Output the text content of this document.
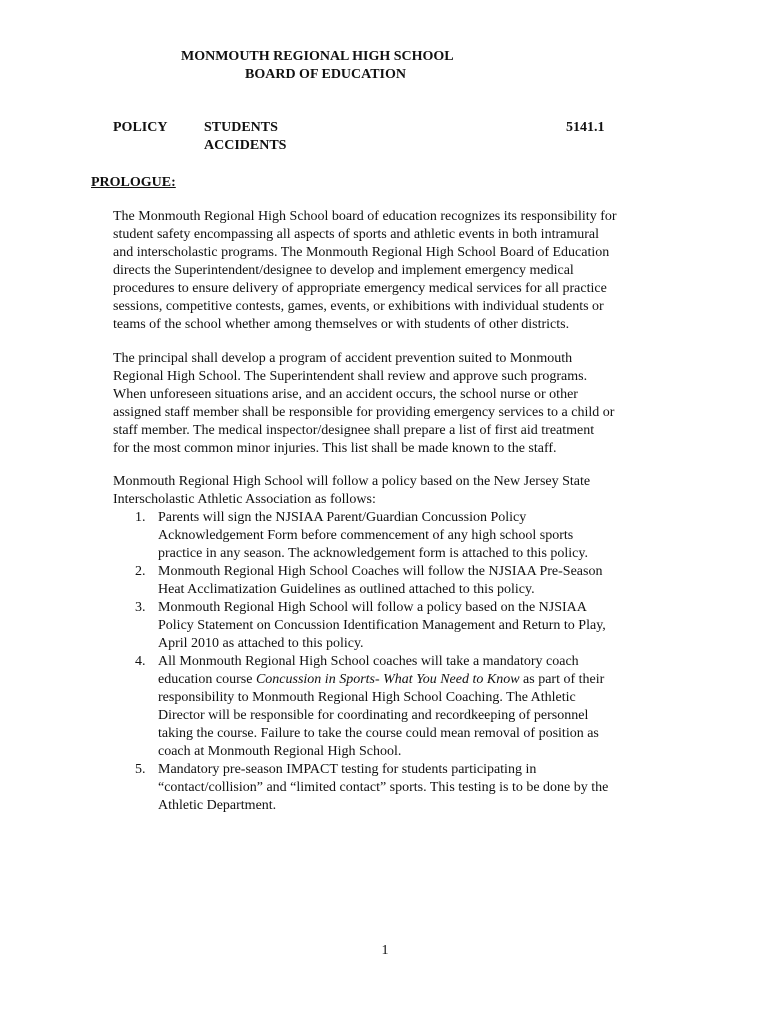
MONMOUTH REGIONAL HIGH SCHOOL
BOARD OF EDUCATION
POLICY	STUDENTS
ACCIDENTS
5141.1
PROLOGUE:
The Monmouth Regional High School board of education recognizes its responsibility for
student safety encompassing all aspects of sports and athletic events in both intramural
and interscholastic programs. The Monmouth Regional High School Board of Education
directs the Superintendent/designee to develop and implement emergency medical
procedures to ensure delivery of appropriate emergency medical services for all practice
sessions, competitive contests, games, events, or exhibitions with individual students or
teams of the school whether among themselves or with students of other districts.
The principal shall develop a program of accident prevention suited to Monmouth
Regional High School. The Superintendent shall review and approve such programs.
When unforeseen situations arise, and an accident occurs, the school nurse or other
assigned staff member shall be responsible for providing emergency services to a child or
staff member. The medical inspector/designee shall prepare a list of first aid treatment
for the most common minor injuries. This list shall be made known to the staff.
Monmouth Regional High School will follow a policy based on the New Jersey State
Interscholastic Athletic Association as follows:
1. Parents will sign the NJSIAA Parent/Guardian Concussion Policy
Acknowledgement Form before commencement of any high school sports
practice in any season. The acknowledgement form is attached to this policy.
2. Monmouth Regional High School Coaches will follow the NJSIAA Pre-Season
Heat Acclimatization Guidelines as outlined attached to this policy.
3. Monmouth Regional High School will follow a policy based on the NJSIAA
Policy Statement on Concussion Identification Management and Return to Play,
April 2010 as attached to this policy.
4. All Monmouth Regional High School coaches will take a mandatory coach
education course Concussion in Sports- What You Need to Know as part of their
responsibility to Monmouth Regional High School Coaching. The Athletic
Director will be responsible for coordinating and recordkeeping of personnel
taking the course. Failure to take the course could mean removal of position as
coach at Monmouth Regional High School.
5. Mandatory pre-season IMPACT testing for students participating in
“contact/collision” and “limited contact” sports. This testing is to be done by the
Athletic Department.
1
